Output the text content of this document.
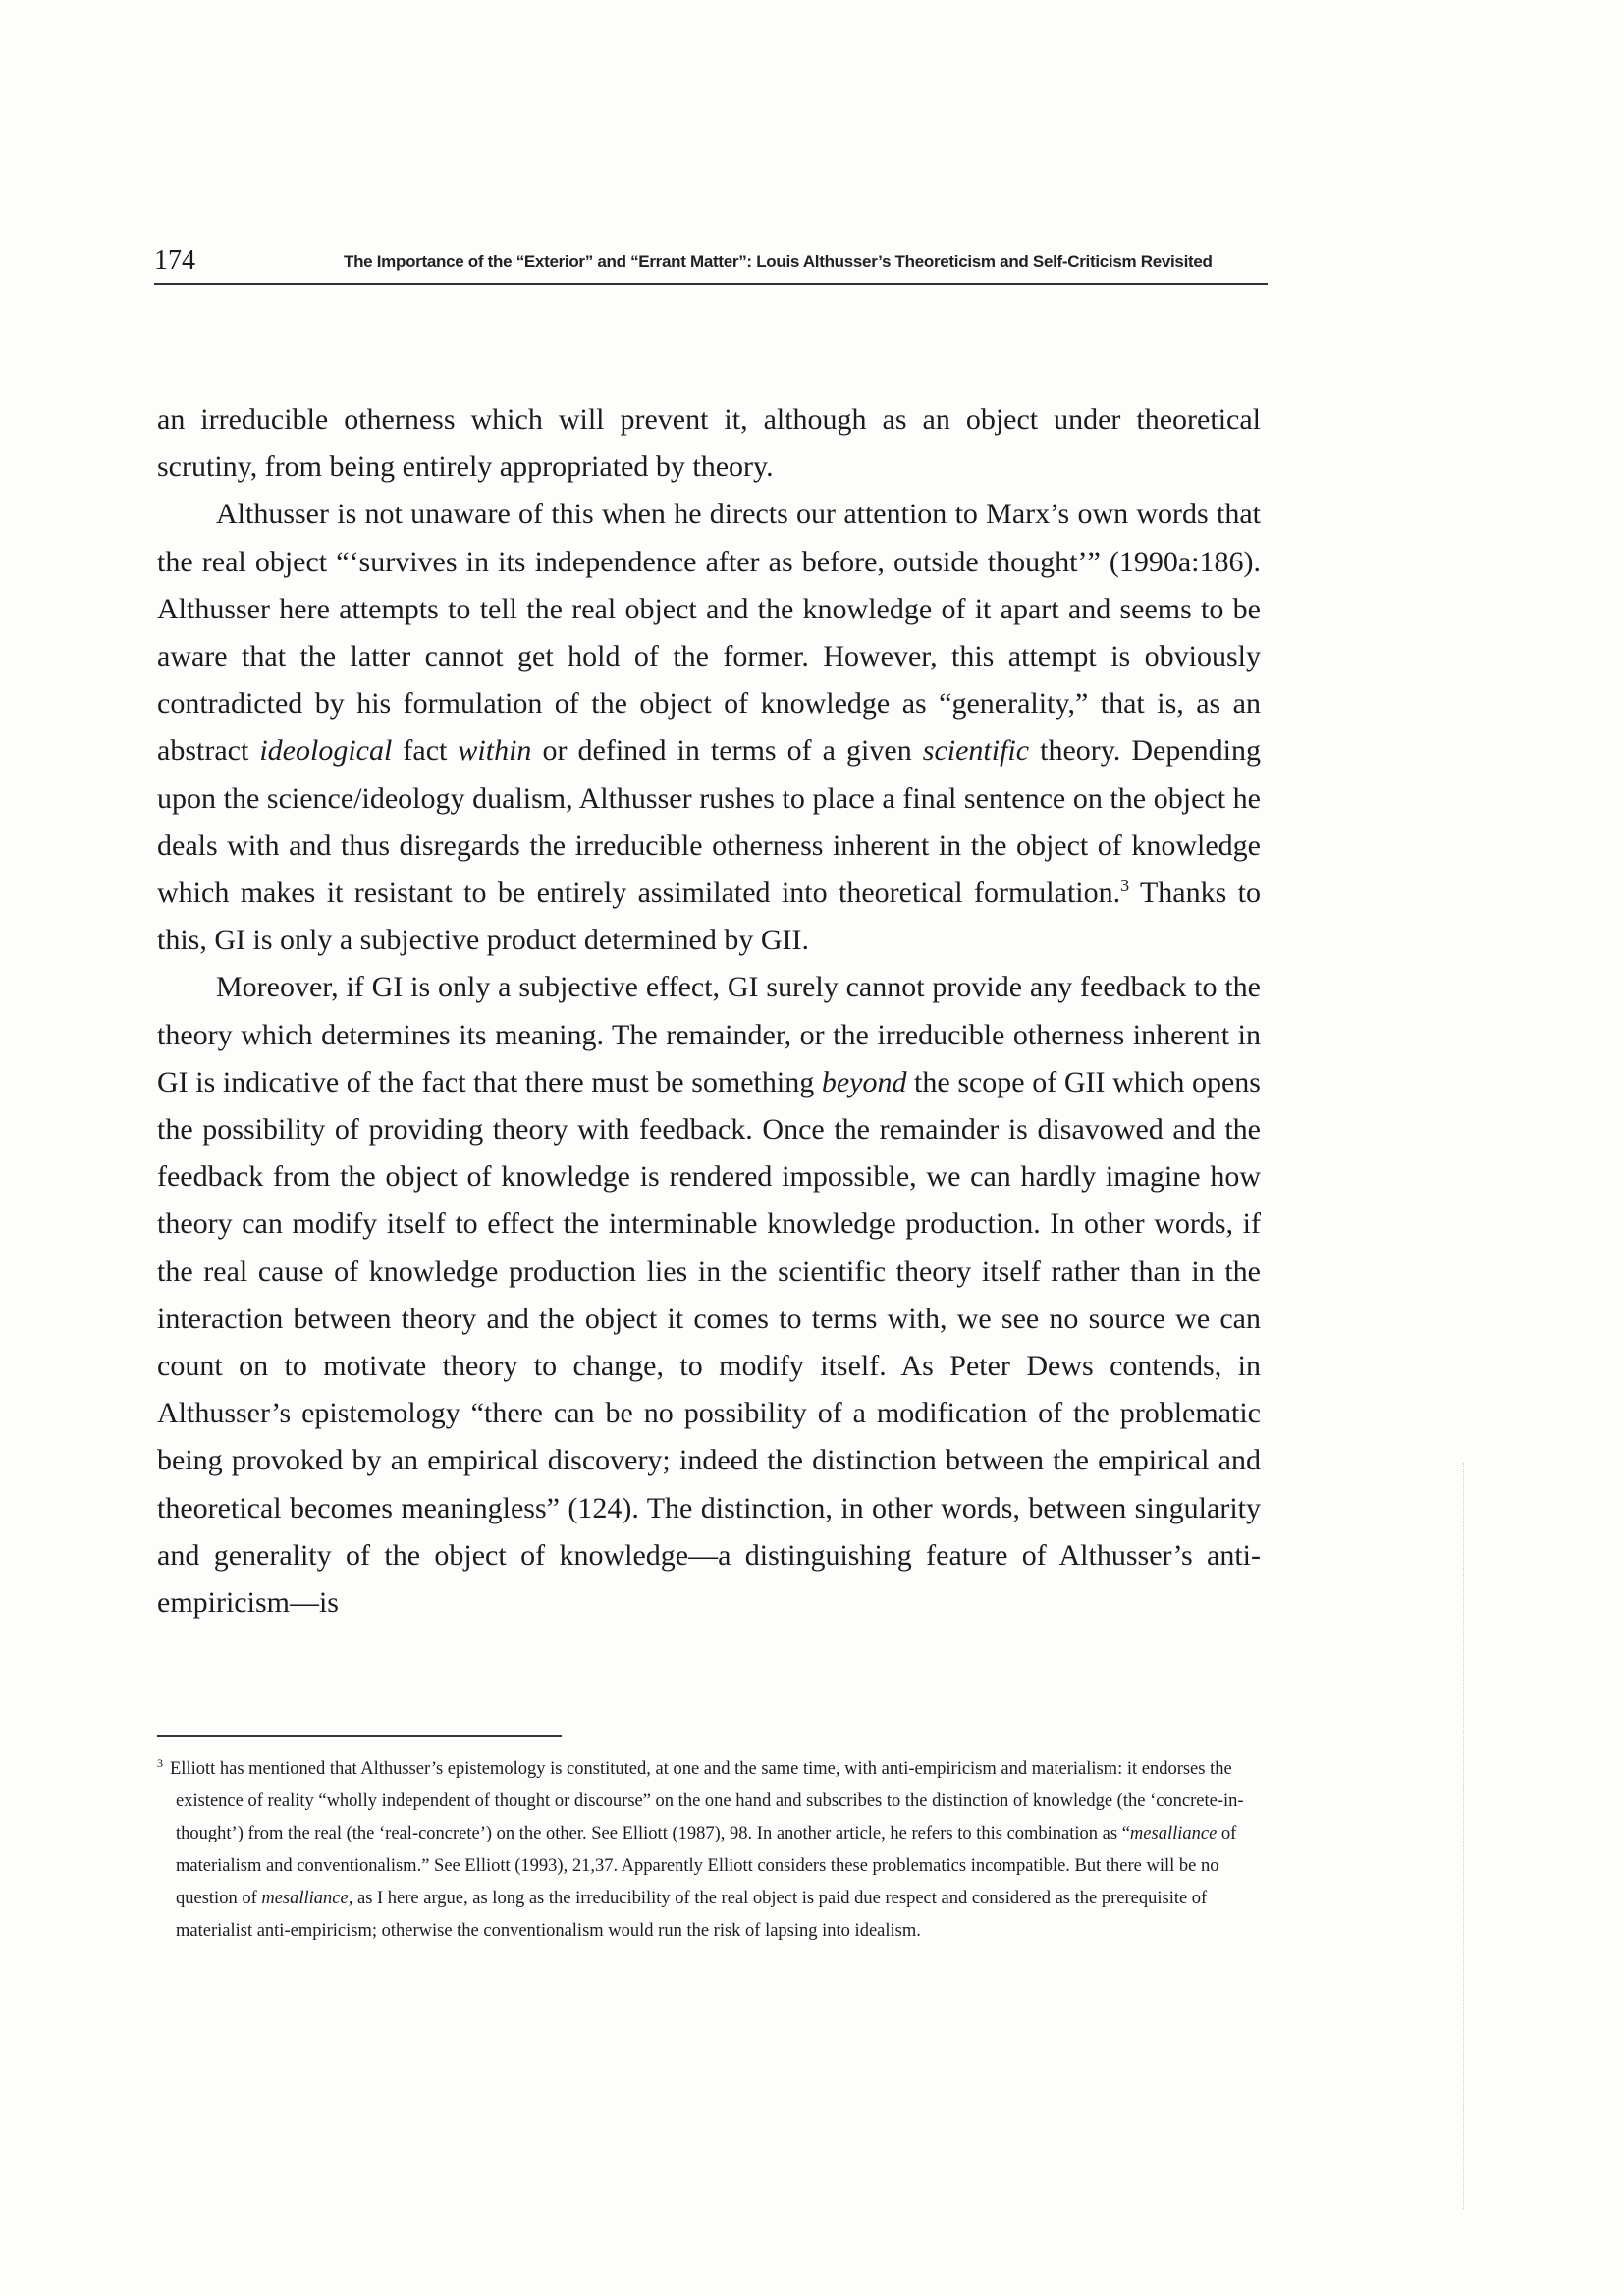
174	The Importance of the “Exterior” and “Errant Matter”: Louis Althusser’s Theoreticism and Self-Criticism Revisited

an irreducible otherness which will prevent it, although as an object under theoretical scrutiny, from being entirely appropriated by theory.

Althusser is not unaware of this when he directs our attention to Marx’s own words that the real object “‘survives in its independence after as before, outside thought’” (1990a:186). Althusser here attempts to tell the real object and the knowledge of it apart and seems to be aware that the latter cannot get hold of the former. However, this attempt is obviously contradicted by his formulation of the object of knowledge as “generality,” that is, as an abstract ideological fact within or defined in terms of a given scientific theory. Depending upon the science/ideology dualism, Althusser rushes to place a final sentence on the object he deals with and thus disregards the irreducible otherness inherent in the object of knowledge which makes it resistant to be entirely assimilated into theoretical formulation.$^3$ Thanks to this, GI is only a subjective product determined by GII.

Moreover, if GI is only a subjective effect, GI surely cannot provide any feedback to the theory which determines its meaning. The remainder, or the irreducible otherness inherent in GI is indicative of the fact that there must be something beyond the scope of GII which opens the possibility of providing theory with feedback. Once the remainder is disavowed and the feedback from the object of knowledge is rendered impossible, we can hardly imagine how theory can modify itself to effect the interminable knowledge production. In other words, if the real cause of knowledge production lies in the scientific theory itself rather than in the interaction between theory and the object it comes to terms with, we see no source we can count on to motivate theory to change, to modify itself. As Peter Dews contends, in Althusser’s epistemology “there can be no possibility of a modification of the problematic being provoked by an empirical discovery; indeed the distinction between the empirical and theoretical becomes meaningless” (124). The distinction, in other words, between singularity and generality of the object of knowledge—a distinguishing feature of Althusser’s anti-empiricism—is

$^3$ Elliott has mentioned that Althusser’s epistemology is constituted, at one and the same time, with anti-empiricism and materialism: it endorses the existence of reality “wholly independent of thought or discourse” on the one hand and subscribes to the distinction of knowledge (the ‘concrete-in-thought’) from the real (the ‘real-concrete’) on the other. See Elliott (1987), 98. In another article, he refers to this combination as “mesalliance of materialism and conventionalism.” See Elliott (1993), 21,37. Apparently Elliott considers these problematics incompatible. But there will be no question of mesalliance, as I here argue, as long as the irreducibility of the real object is paid due respect and considered as the prerequisite of materialist anti-empiricism; otherwise the conventionalism would run the risk of lapsing into idealism.
